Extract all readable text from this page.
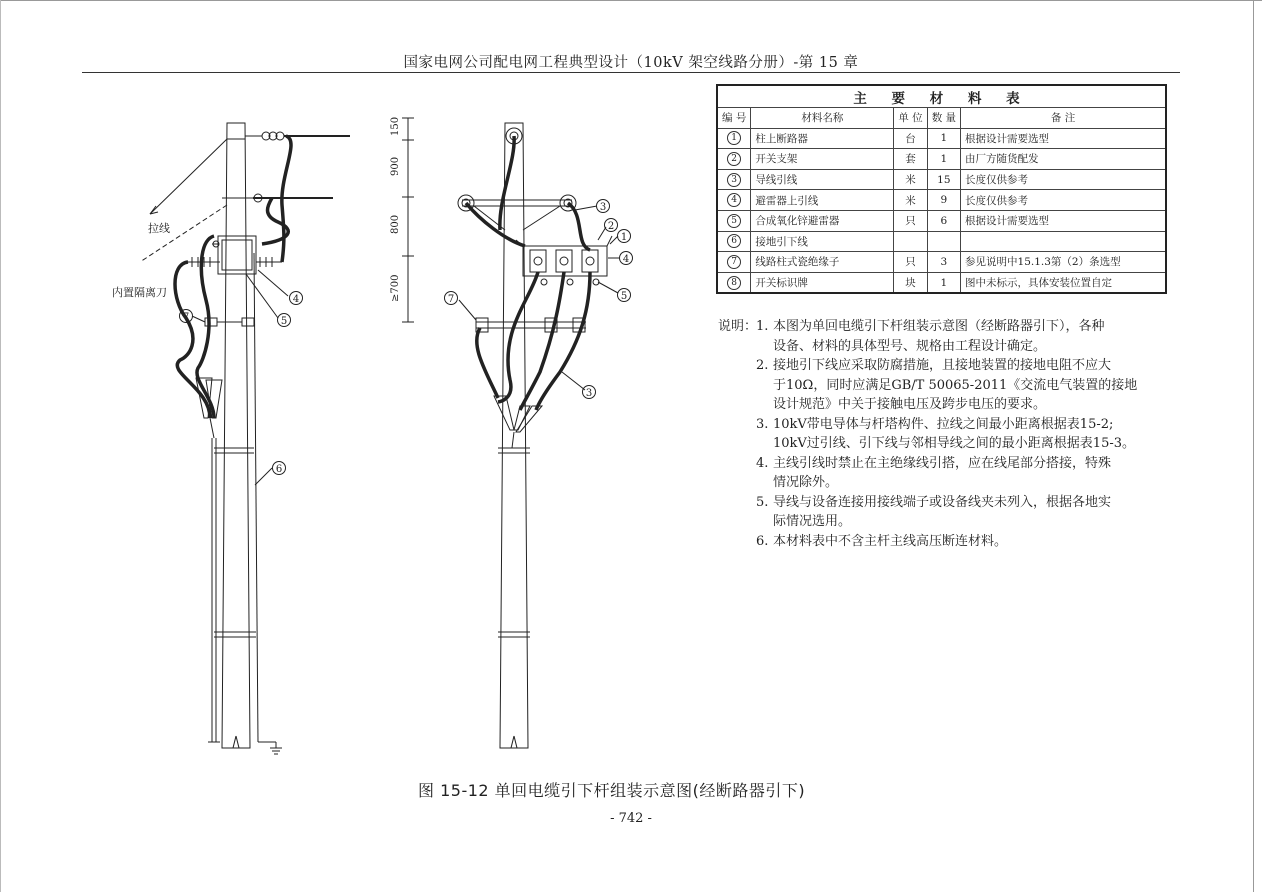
国家电网公司配电网工程典型设计（10kV 架空线路分册）-第 15 章
拉线
内置隔离刀
150
900
800
≥700
4
5
7
6
3
2
1
4
5
7
3
主 要 材 料 表				
编 号	材料名称	单 位	数 量	备 注
1	柱上断路器	台	1	根据设计需要选型
2	开关支架	套	1	由厂方随货配发
3	导线引线	米	15	长度仅供参考
4	避雷器上引线	米	9	长度仅供参考
5	合成氧化锌避雷器	只	6	根据设计需要选型
6	接地引下线			
7	线路柱式瓷绝缘子	只	3	参见说明中15.1.3第（2）条选型
8	开关标识牌	块	1	图中未标示，具体安装位置自定
说明：
1. 本图为单回电缆引下杆组装示意图（经断路器引下），各种
设备、材料的具体型号、规格由工程设计确定。
2. 接地引下线应采取防腐措施，且接地装置的接地电阻不应大
于10Ω，同时应满足GB/T 50065-2011《交流电气装置的接地
设计规范》中关于接触电压及跨步电压的要求。
3. 10kV带电导体与杆塔构件、拉线之间最小距离根据表15-2;
10kV过引线、引下线与邻相导线之间的最小距离根据表15-3。
4. 主线引线时禁止在主绝缘线引搭，应在线尾部分搭接，特殊
情况除外。
5. 导线与设备连接用接线端子或设备线夹未列入，根据各地实
际情况选用。
6. 本材料表中不含主杆主线高压断连材料。
图 15-12 单回电缆引下杆组装示意图(经断路器引下)
- 742 -
